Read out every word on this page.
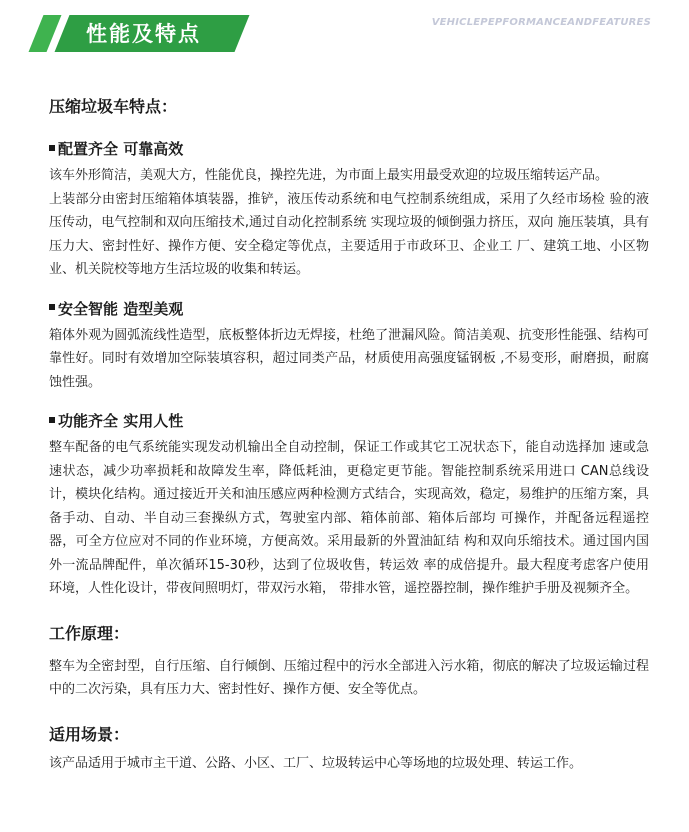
性能及特点	VEHICLEPEPFORMANCEANDFEATURES
压缩垃圾车特点：
配置齐全 可靠高效

该车外形简洁，美观大方，性能优良，操控先进，为市面上最实用最受欢迎的垃圾压缩转运产品。

上装部分由密封压缩箱体填装器，推铲，液压传动系统和电气控制系统组成，采用了久经市场检 验的液压传动，电气控制和双向压缩技术,通过自动化控制系统 实现垃圾的倾倒强力挤压，双向 施压装填，具有压力大、密封性好、操作方便、安全稳定等优点，主要适用于市政环卫、企业工 厂、建筑工地、小区物业、机关院校等地方生活垃圾的收集和转运。

安全智能 造型美观

箱体外观为圆弧流线性造型，底板整体折边无焊接，杜绝了泄漏风险。简洁美观、抗变形性能强、结构可靠性好。同时有效增加空际装填容积，超过同类产品，材质使用高强度锰钢板 ,不易变形，耐磨损，耐腐蚀性强。

功能齐全 实用人性

整车配备的电气系统能实现发动机输出全自动控制，保证工作或其它工况状态下，能自动选择加 速或急速状态，减少功率损耗和故障发生率，降低耗油，更稳定更节能。智能控制系统采用进口 CAN总线设计，模块化结构。通过接近开关和油压感应两种检测方式结合，实现高效，稳定，易维护的压缩方案，具备手动、自动、半自动三套操纵方式，驾驶室内部、箱体前部、箱体后部均 可操作，并配备远程遥控器，可全方位应对不同的作业环境，方便高效。采用最新的外置油缸结 构和双向乐缩技术。通过国内国外一流品牌配件，单次循环15-30秒，达到了位圾收售，转运效 率的成倍提升。最大程度考虑客户使用环境，人性化设计，带夜间照明灯，带双污水箱， 带排水管，遥控器控制，操作维护手册及视频齐全。

工作原理：

整车为全密封型，自行压缩、自行倾倒、压缩过程中的污水全部进入污水箱，彻底的解决了垃圾运输过程中的二次污染，具有压力大、密封性好、操作方便、安全等优点。

适用场景：

该产品适用于城市主干道、公路、小区、工厂、垃圾转运中心等场地的垃圾处理、转运工作。
